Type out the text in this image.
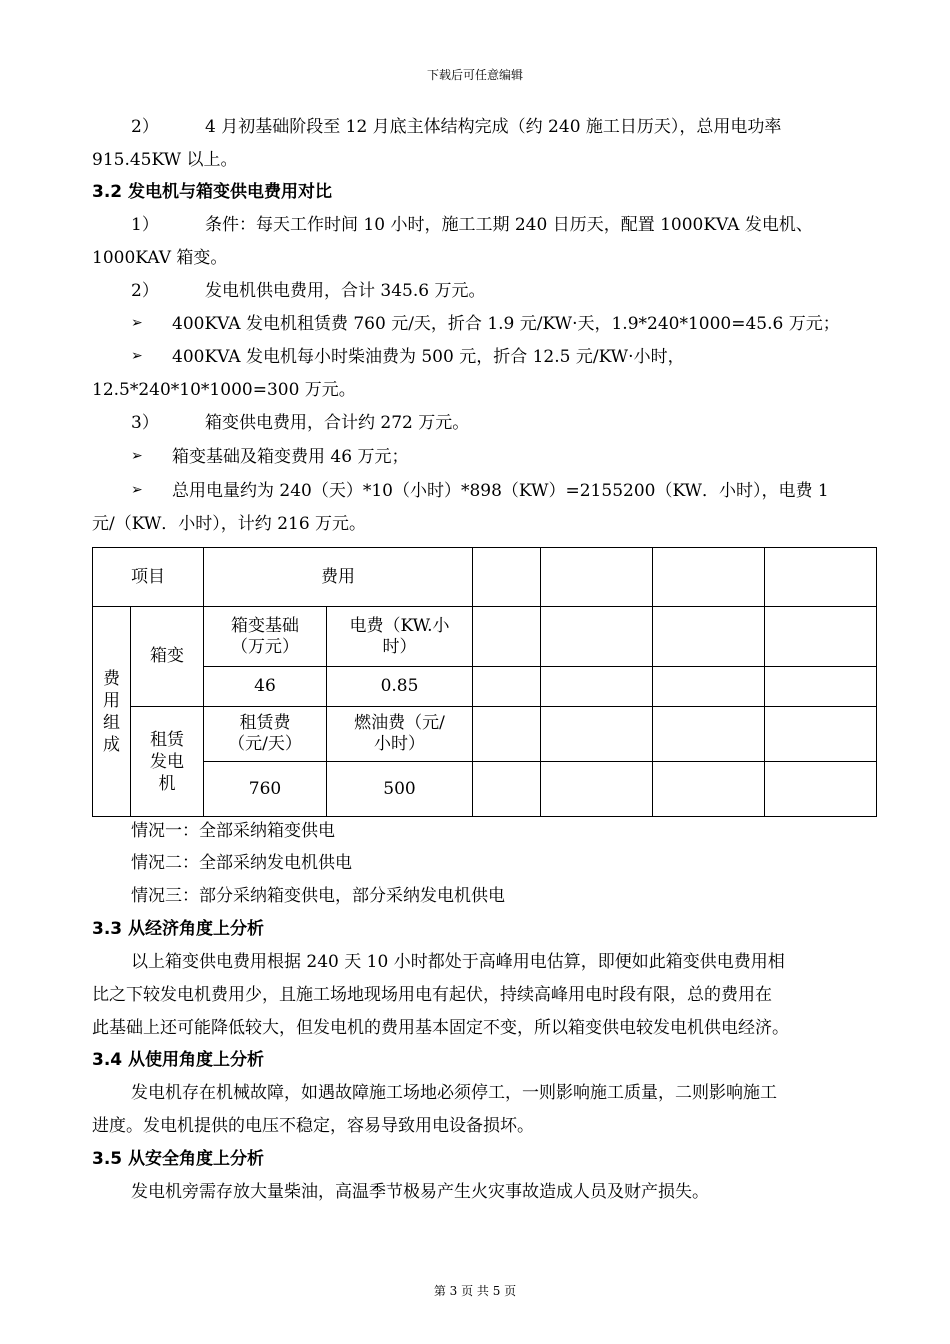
下载后可任意编辑
2）	4 月初基础阶段至 12 月底主体结构完成（约 240 施工日历天），总用电功率
915.45KW 以上。
3.2 发电机与箱变供电费用对比
1）	条件：每天工作时间 10 小时，施工工期 240 日历天，配置 1000KVA 发电机、
1000KAV 箱变。
2）	发电机供电费用，合计 345.6 万元。
➢ 400KVA 发电机租赁费 760 元/天，折合 1.9 元/KW·天，1.9*240*1000=45.6 万元；
➢ 400KVA 发电机每小时柴油费为 500 元，折合 12.5 元/KW·小时，
12.5*240*10*1000=300 万元。
3）	箱变供电费用，合计约 272 万元。
➢ 箱变基础及箱变费用 46 万元；
➢ 总用电量约为 240（天）*10（小时）*898（KW）=2155200（KW．小时），电费 1
元/（KW．小时），计约 216 万元。
项目		费用					

费用组成	箱变	箱变基础（万元）	电费（KW.小时）				

		46	0.85				

	租赁发电机	租赁费（元/天）	燃油费（元/小时）				

		760	500				
情况一：全部采纳箱变供电
情况二：全部采纳发电机供电
情况三：部分采纳箱变供电，部分采纳发电机供电
3.3 从经济角度上分析
以上箱变供电费用根据 240 天 10 小时都处于高峰用电估算，即便如此箱变供电费用相
比之下较发电机费用少，且施工场地现场用电有起伏，持续高峰用电时段有限，总的费用在
此基础上还可能降低较大，但发电机的费用基本固定不变，所以箱变供电较发电机供电经济。
3.4 从使用角度上分析
发电机存在机械故障，如遇故障施工场地必须停工，一则影响施工质量，二则影响施工
进度。发电机提供的电压不稳定，容易导致用电设备损坏。
3.5 从安全角度上分析
发电机旁需存放大量柴油，高温季节极易产生火灾事故造成人员及财产损失。
第 3 页 共 5 页
